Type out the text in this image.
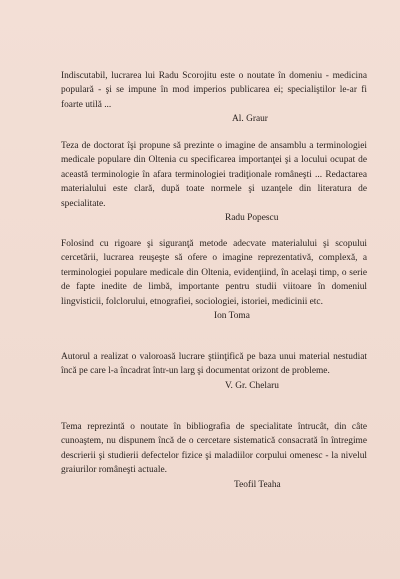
Indiscutabil, lucrarea lui Radu Scorojitu este o noutate în domeniu - medicina populară - şi se impune în mod imperios publicarea ei; specialiştilor le-ar fi foarte utilă ...

Al. Graur

Teza de doctorat îşi propune să prezinte o imagine de ansamblu a terminologiei medicale populare din Oltenia cu specificarea importanţei şi a locului ocupat de această terminologie în afara terminologiei tradiţionale româneşti ... Redactarea materialului este clară, după toate normele şi uzanţele din literatura de specialitate.

Radu Popescu

Folosind cu rigoare şi siguranţă metode adecvate materialului şi scopului cercetării, lucrarea reuşeşte să ofere o imagine reprezentativă, complexă, a terminologiei populare medicale din Oltenia, evidenţiind, în acelaşi timp, o serie de fapte inedite de limbă, importante pentru studii viitoare în domeniul lingvisticii, folclorului, etnografiei, sociologiei, istoriei, medicinii etc.

Ion Toma

Autorul a realizat o valoroasă lucrare ştiinţifică pe baza unui material nestudiat încă pe care l-a încadrat într-un larg şi documentat orizont de probleme.

V. Gr. Chelaru

Tema reprezintă o noutate în bibliografia de specialitate întrucât, din câte cunoaştem, nu dispunem încă de o cercetare sistematică consacrată în întregime descrierii şi studierii defectelor fizice şi maladiilor corpului omenesc - la nivelul graiurilor româneşti actuale.

Teofil Teaha
